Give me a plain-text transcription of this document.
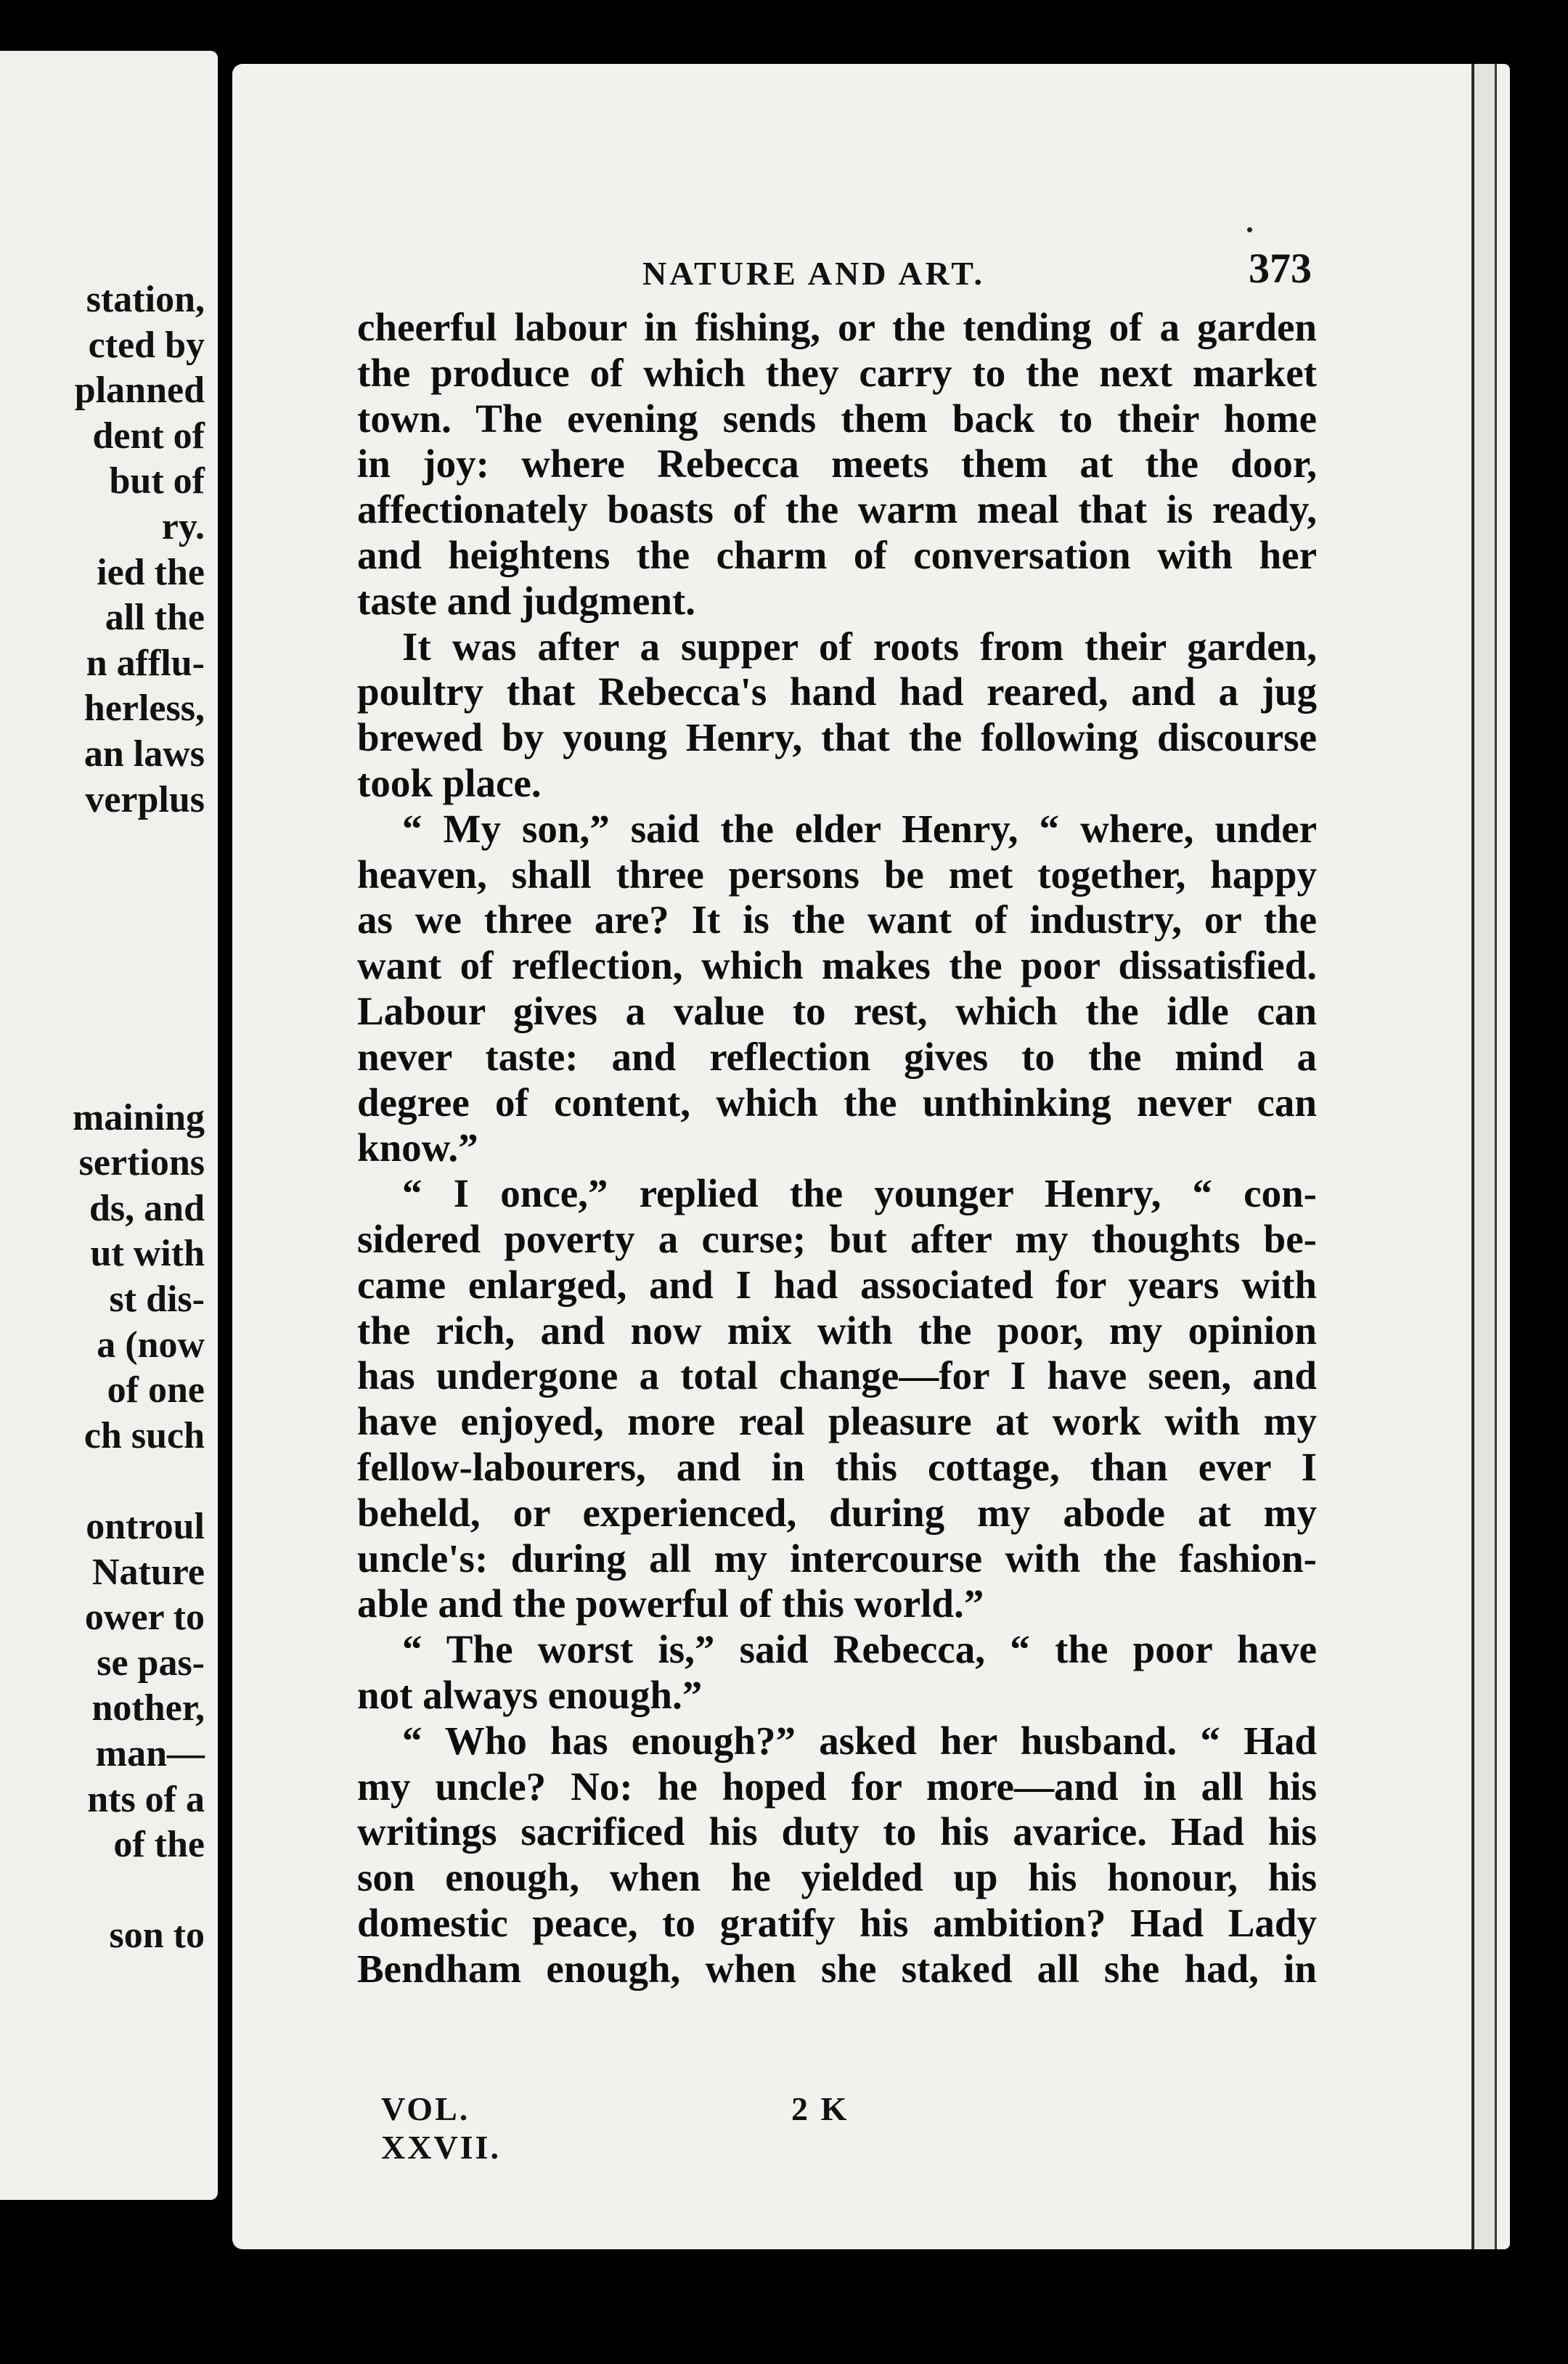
station,
cted by
planned
dent of
but of
ry.
ied the
all the
n afflu-
herless,
an laws
verplus
maining
sertions
ds, and
ut with
st dis-
a (now
of one
ch such
ontroul
Nature
ower to
se pas-
nother,
man—
nts of a
of the
son to
NATURE AND ART.	373
cheerful labour in fishing, or the tending of a garden
the produce of which they carry to the next market
town. The evening sends them back to their home
in joy: where Rebecca meets them at the door,
affectionately boasts of the warm meal that is ready,
and heightens the charm of conversation with her
taste and judgment.
It was after a supper of roots from their garden,
poultry that Rebecca's hand had reared, and a jug
brewed by young Henry, that the following discourse
took place.
“ My son,” said the elder Henry, “ where, under
heaven, shall three persons be met together, happy
as we three are? It is the want of industry, or the
want of reflection, which makes the poor dissatisfied.
Labour gives a value to rest, which the idle can
never taste: and reflection gives to the mind a
degree of content, which the unthinking never can
know.”
“ I once,” replied the younger Henry, “ con-
sidered poverty a curse; but after my thoughts be-
came enlarged, and I had associated for years with
the rich, and now mix with the poor, my opinion
has undergone a total change—for I have seen, and
have enjoyed, more real pleasure at work with my
fellow-labourers, and in this cottage, than ever I
beheld, or experienced, during my abode at my
uncle's: during all my intercourse with the fashion-
able and the powerful of this world.”
“ The worst is,” said Rebecca, “ the poor have
not always enough.”
“ Who has enough?” asked her husband. “ Had
my uncle? No: he hoped for more—and in all his
writings sacrificed his duty to his avarice. Had his
son enough, when he yielded up his honour, his
domestic peace, to gratify his ambition? Had Lady
Bendham enough, when she staked all she had, in
VOL. XXVII.
2 K
